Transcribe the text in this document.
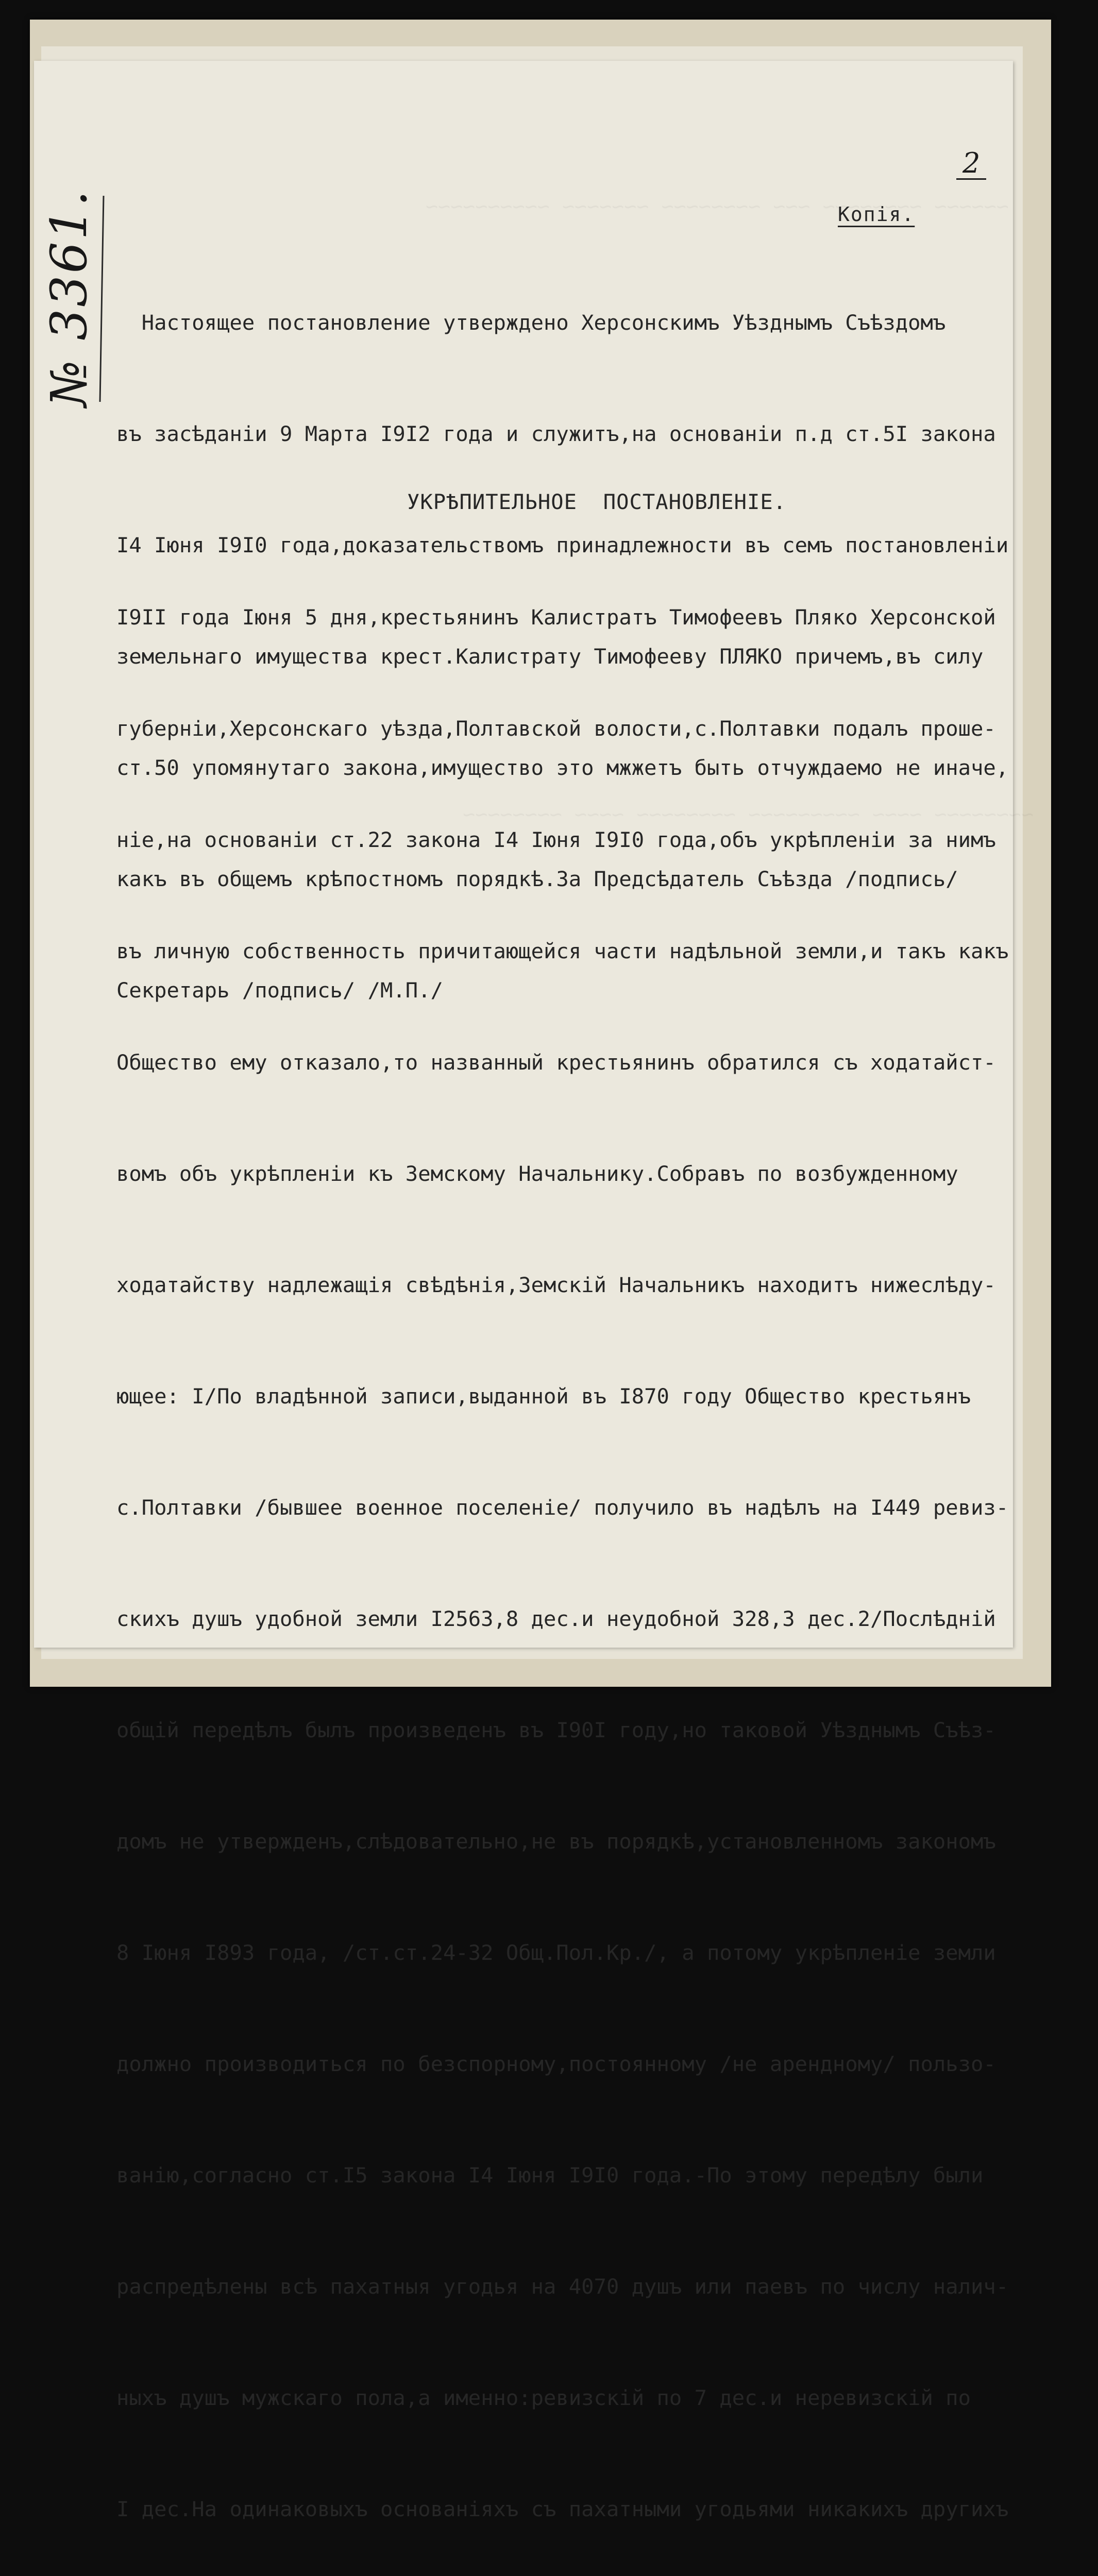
2
Копія.
№ 3361.

Настоящее постановление утверждено Херсонскимъ Уѣзднымъ Съѣздомъ

въ засѣданіи 9 Марта I9I2 года и служитъ,на основаніи п.д ст.5I закона

I4 Іюня I9I0 года,доказательствомъ принадлежности въ семъ постановленіи

земельнаго имущества крест.Калистрату Тимофееву ПЛЯКО причемъ,въ силу

ст.50 упомянутаго закона,имущество это мжжетъ быть отчуждаемо не иначе,

какъ въ общемъ крѣпостномъ порядкѣ.За Предсѣдатель Съѣзда /подпись/

Секретарь /подпись/ /М.П./

УКРѢПИТЕЛЬНОЕ  ПОСТАНОВЛЕНІЕ.

I9II года Іюня 5 дня,крестьянинъ Калистратъ Тимофеевъ Пляко Херсонской

губерніи,Херсонскаго уѣзда,Полтавской волости,с.Полтавки подалъ проше-

ніе,на основаніи ст.22 закона I4 Іюня I9I0 года,объ укрѣпленіи за нимъ

въ личную собственность причитающейся части надѣльной земли,и такъ какъ

Общество ему отказало,то названный крестьянинъ обратился съ ходатайст-

вомъ объ укрѣпленіи къ Земскому Начальнику.Собравъ по возбужденному

ходатайству надлежащія свѣдѣнія,Земскій Начальникъ находитъ нижеслѣду-

ющее: I/По владѣнной записи,выданной въ I870 году Общество крестьянъ

с.Полтавки /бывшее военное поселеніе/ получило въ надѣлъ на I449 ревиз-

скихъ душъ удобной земли I2563,8 дес.и неудобной 328,3 дес.2/Послѣдній

общій передѣлъ былъ произведенъ въ I90I году,но таковой Уѣзднымъ Съѣз-

домъ не утвержденъ,слѣдовательно,не въ порядкѣ,установленномъ закономъ

8 Іюня I893 года, /ст.ст.24-32 Общ.Пол.Кр./, а потому укрѣпленіе земли

должно производиться по безспорному,постоянному /не арендному/ пользо-

ванію,согласно ст.I5 закона I4 Іюня I9I0 года.-По этому передѣлу были

распредѣлены всѣ пахатныя угодья на 4070 душъ или паевъ по числу налич-

ныхъ душъ мужскаго пола,а именно:ревизскій по 7 дес.и неревизскій по

I дес.На одинаковыхъ основаніяхъ съ пахатными угодьями никакихъ другихъ
